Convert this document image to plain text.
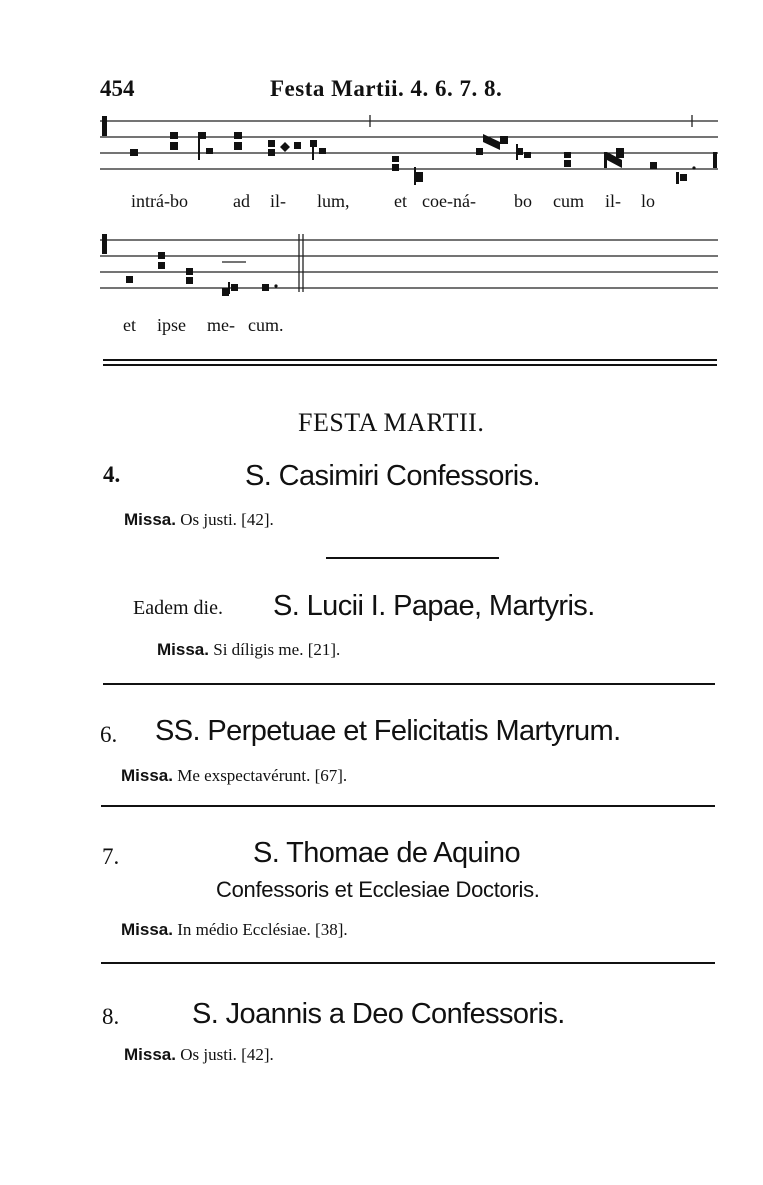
454	Festa Martii. 4. 6. 7. 8.
intrá-bo	ad il- lum, et coe-ná- bo cum il- lo
et ipse me- cum.
FESTA MARTII.
4.	S. Casimiri Confessoris.
Missa. Os justi. [42].
Eadem die. S. Lucii I. Papae, Martyris.
Missa. Si díligis me. [21].
6. SS. Perpetuae et Felicitatis Martyrum.
Missa. Me exspectavérunt. [67].
7.	S. Thomae de Aquino
Confessoris et Ecclesiae Doctoris.
Missa. In médio Ecclésiae. [38].
8.	S. Joannis a Deo Confessoris.
Missa. Os justi. [42].
